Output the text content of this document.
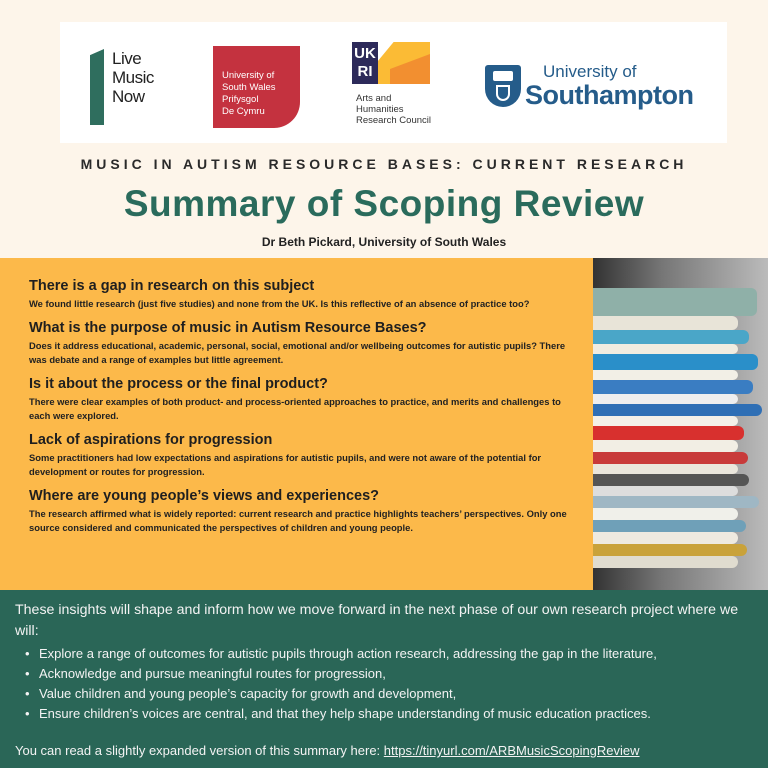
Live
Music
Now
University of
South Wales
Prifysgol
De Cymru
UK
RI
Arts and
Humanities
Research Council
University of
Southampton
MUSIC IN AUTISM RESOURCE BASES: CURRENT RESEARCH
Summary of Scoping Review
Dr Beth Pickard, University of South Wales
There is a gap in research on this subject

We found little research (just five studies) and none from the UK. Is this reflective of an absence of practice too?

What is the purpose of music in Autism Resource Bases?

Does it address educational, academic, personal, social, emotional and/or wellbeing outcomes for autistic pupils? There was debate and a range of examples but little agreement.

Is it about the process or the final product?

There were clear examples of both product- and process-oriented approaches to practice, and merits and challenges to each were explored.

Lack of aspirations for progression

Some practitioners had low expectations and aspirations for autistic pupils, and were not aware of the potential for development or routes for progression.

Where are young people’s views and experiences?

The research affirmed what is widely reported: current research and practice highlights teachers’ perspectives. Only one source considered and communicated the perspectives of children and young people.

These insights will shape and inform how we move forward in the next phase of our own research project where we will:

• Explore a range of outcomes for autistic pupils through action research, addressing the gap in the literature,
• Acknowledge and pursue meaningful routes for progression,
• Value children and young people’s capacity for growth and development,
• Ensure children’s voices are central, and that they help shape understanding of music education practices.

You can read a slightly expanded version of this summary here: https://tinyurl.com/ARBMusicScopingReview
